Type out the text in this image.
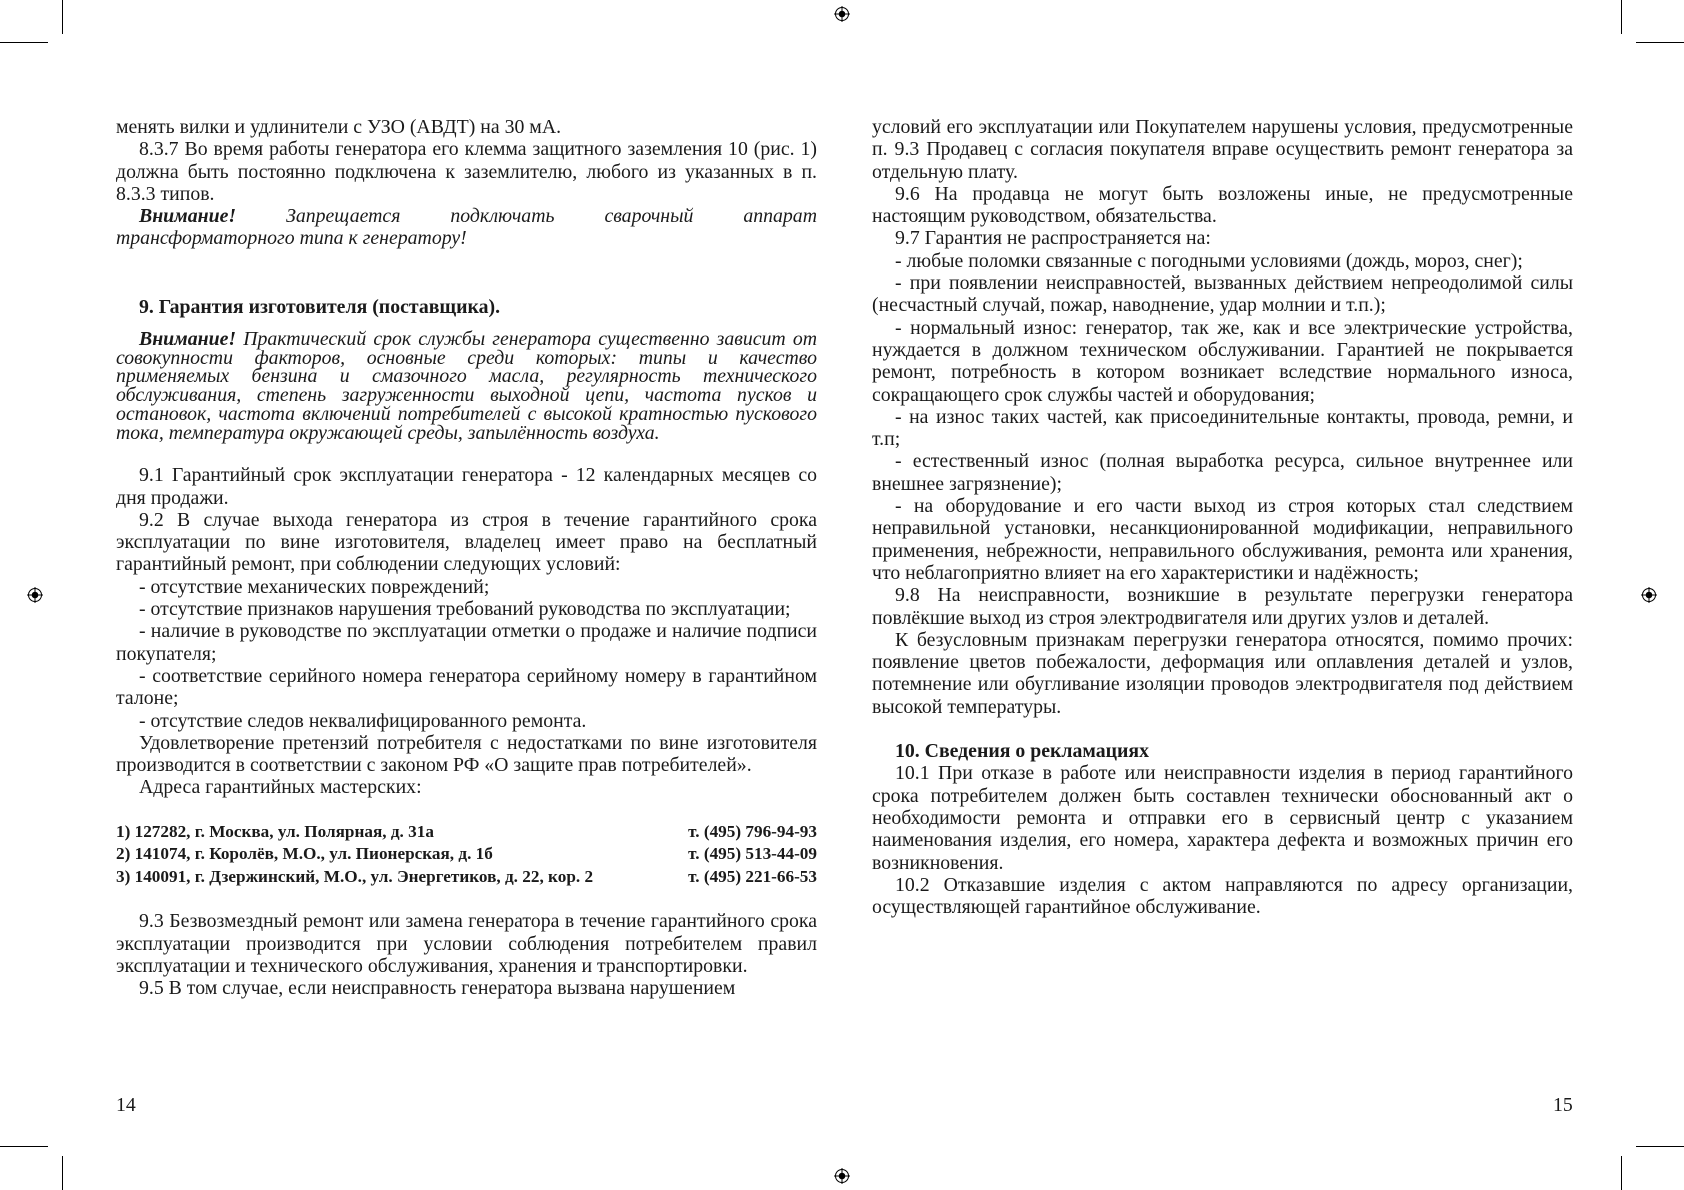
менять вилки и удлинители с УЗО (АВДТ) на 30 мА.

8.3.7 Во время работы генератора его клемма защитного заземления 10 (рис. 1) должна быть постоянно подключена к заземлителю, любого из указанных в п. 8.3.3 типов.

Внимание! Запрещается подключать сварочный аппарат трансформаторного типа к генератору!

9. Гарантия изготовителя (поставщика).

Внимание! Практический срок службы генератора существенно зависит от совокупности факторов, основные среди которых: типы и качество применяемых бензина и смазочного масла, регулярность технического обслуживания, степень загруженности выходной цепи, частота пусков и остановок, частота включений потребителей с высокой кратностью пускового тока, температура окружающей среды, запылённость воздуха.

9.1 Гарантийный срок эксплуатации генератора - 12 календарных месяцев со дня продажи.

9.2 В случае выхода генератора из строя в течение гарантийного срока эксплуатации по вине изготовителя, владелец имеет право на бесплатный гарантийный ремонт, при соблюдении следующих условий:

- отсутствие механических повреждений;

- отсутствие признаков нарушения требований руководства по эксплуатации;

- наличие в руководстве по эксплуатации отметки о продаже и наличие подписи покупателя;

- соответствие серийного номера генератора серийному номеру в гарантийном талоне;

- отсутствие следов неквалифицированного ремонта.

Удовлетворение претензий потребителя с недостатками по вине изготовителя производится в соответствии с законом РФ «О защите прав потребителей».

Адреса гарантийных мастерских:

1) 127282, г. Москва, ул. Полярная, д. 31а	т. (495) 796-94-93
2) 141074, г. Королёв, М.О., ул. Пионерская, д. 1б	т. (495) 513-44-09
3) 140091, г. Дзержинский, М.О., ул. Энергетиков, д. 22, кор. 2	т. (495) 221-66-53

9.3 Безвозмездный ремонт или замена генератора в течение гарантийного срока эксплуатации производится при условии соблюдения потребителем правил эксплуатации и технического обслуживания, хранения и транспортировки.

9.5 В том случае, если неисправность генератора вызвана нарушением

14

условий его эксплуатации или Покупателем нарушены условия, предусмотренные п. 9.3 Продавец с согласия покупателя вправе осуществить ремонт генератора за отдельную плату.

9.6 На продавца не могут быть возложены иные, не предусмотренные настоящим руководством, обязательства.

9.7 Гарантия не распространяется на:

- любые поломки связанные с погодными условиями (дождь, мороз, снег);

- при появлении неисправностей, вызванных действием непреодолимой силы (несчастный случай, пожар, наводнение, удар молнии и т.п.);

- нормальный износ: генератор, так же, как и все электрические устройства, нуждается в должном техническом обслуживании. Гарантией не покрывается ремонт, потребность в котором возникает вследствие нормального износа, сокращающего срок службы частей и оборудования;

- на износ таких частей, как присоединительные контакты, провода, ремни, и т.п;

- естественный износ (полная выработка ресурса, сильное внутреннее или внешнее загрязнение);

- на оборудование и его части выход из строя которых стал следствием неправильной установки, несанкционированной модификации, неправильного применения, небрежности, неправильного обслуживания, ремонта или хранения, что неблагоприятно влияет на его характеристики и надёжность;

9.8 На неисправности, возникшие в результате перегрузки генератора повлёкшие выход из строя электродвигателя или других узлов и деталей.

К безусловным признакам перегрузки генератора относятся, помимо прочих: появление цветов побежалости, деформация или оплавления деталей и узлов, потемнение или обугливание изоляции проводов электродвигателя под действием высокой температуры.

10. Сведения о рекламациях

10.1 При отказе в работе или неисправности изделия в период гарантийного срока потребителем должен быть составлен технически обоснованный акт о необходимости ремонта и отправки его в сервисный центр с указанием наименования изделия, его номера, характера дефекта и возможных причин его возникновения.

10.2 Отказавшие изделия с актом направляются по адресу организации, осуществляющей гарантийное обслуживание.

15
